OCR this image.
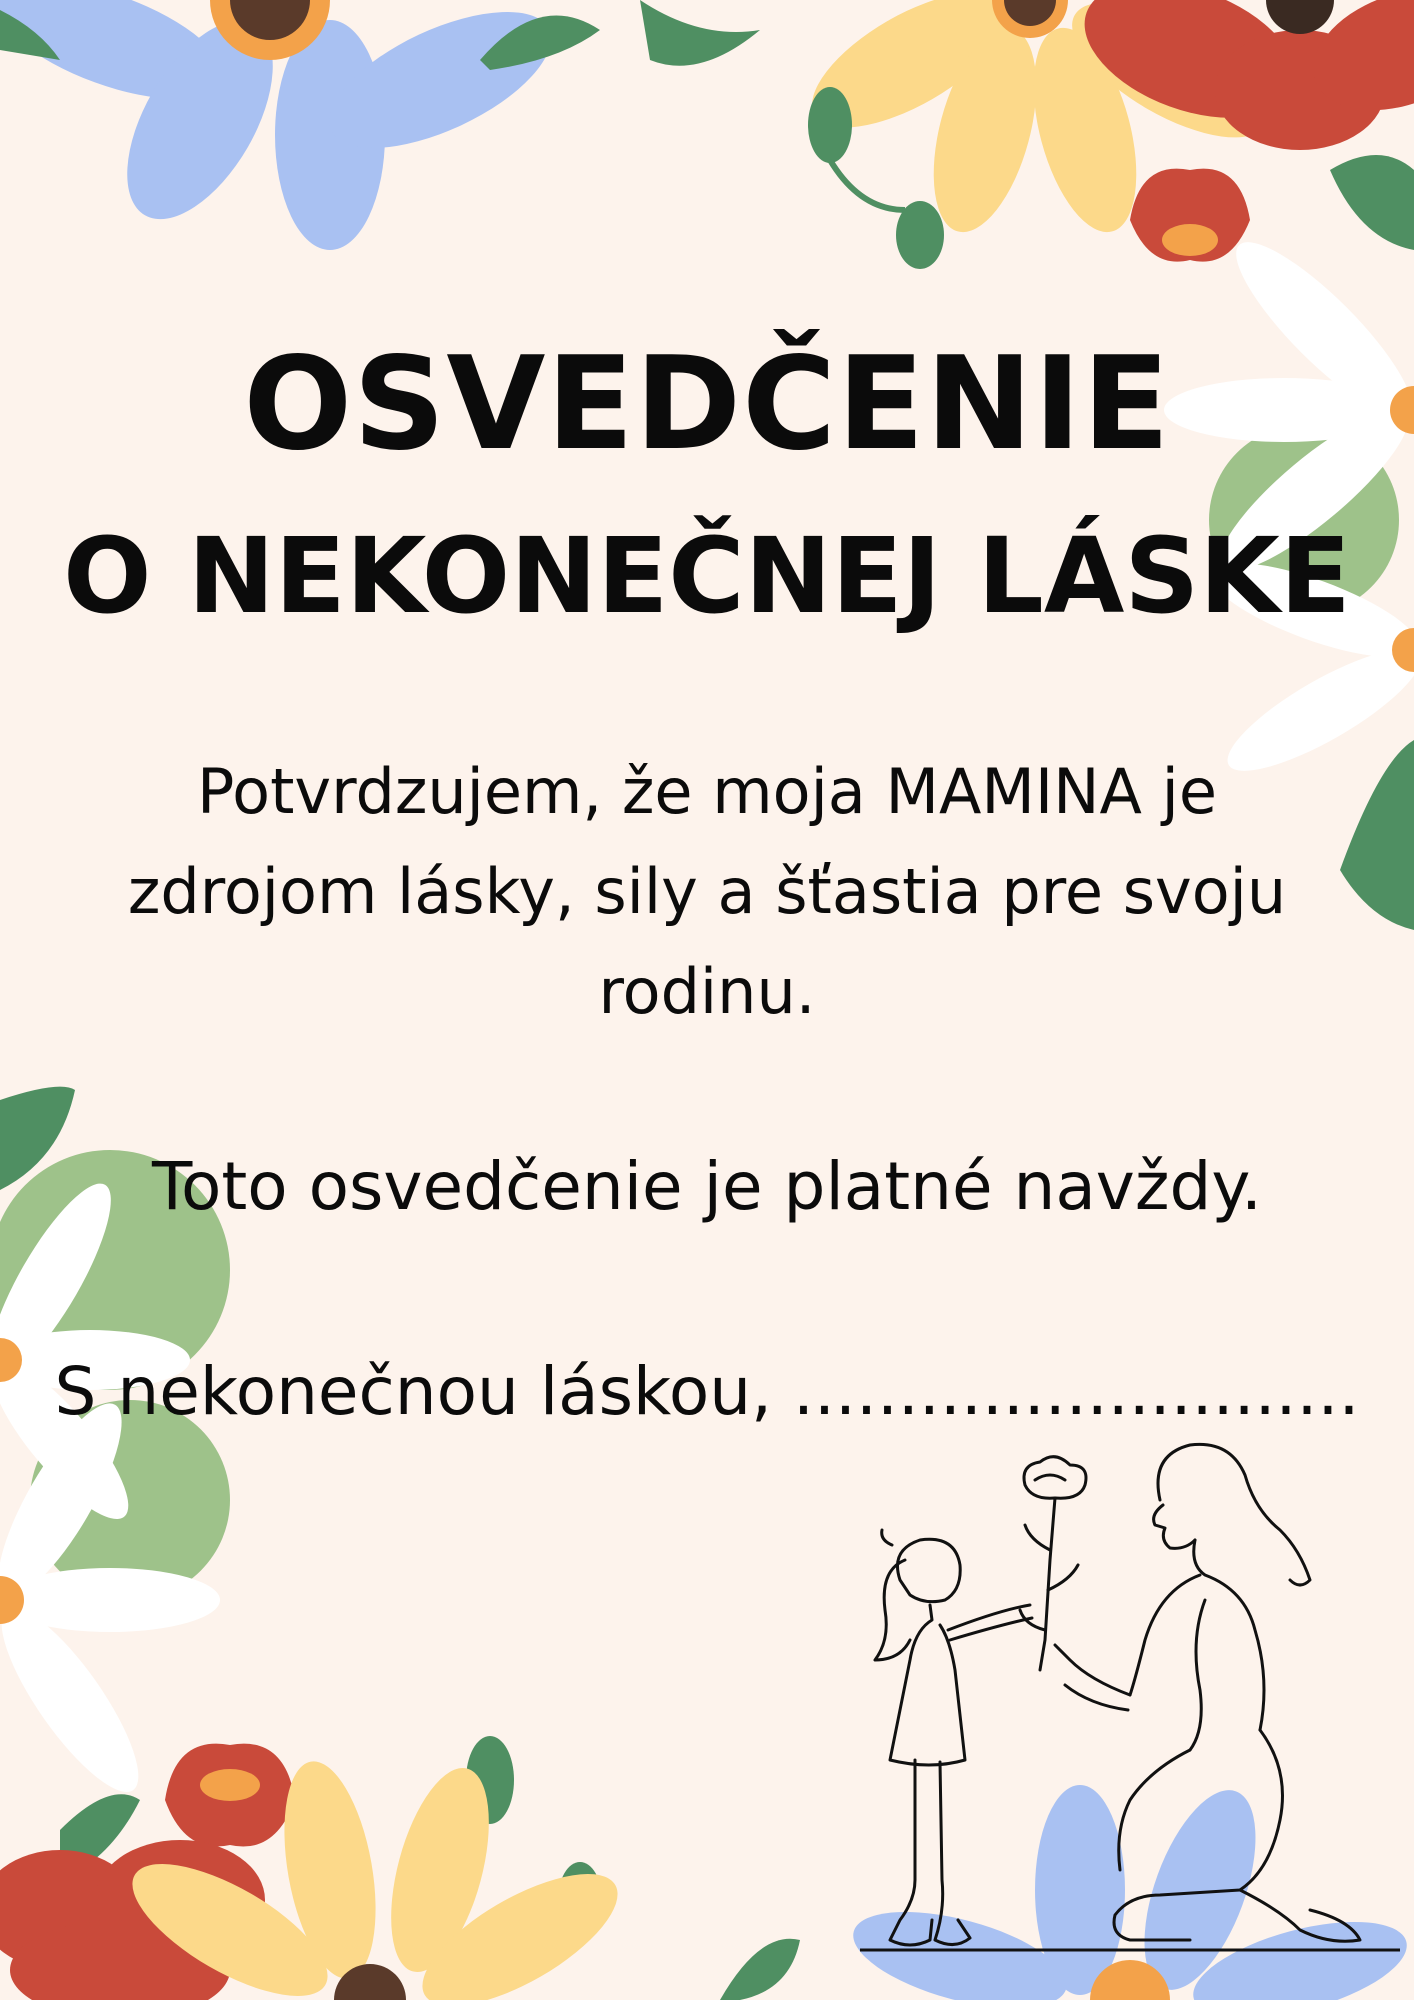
OSVEDČENIE
O NEKONEČNEJ LÁSKE
Potvrdzujem, že moja MAMINA je
zdrojom lásky, sily a šťastia pre svoju
rodinu.
Toto osvedčenie je platné navždy.
S nekonečnou láskou, ...........................
